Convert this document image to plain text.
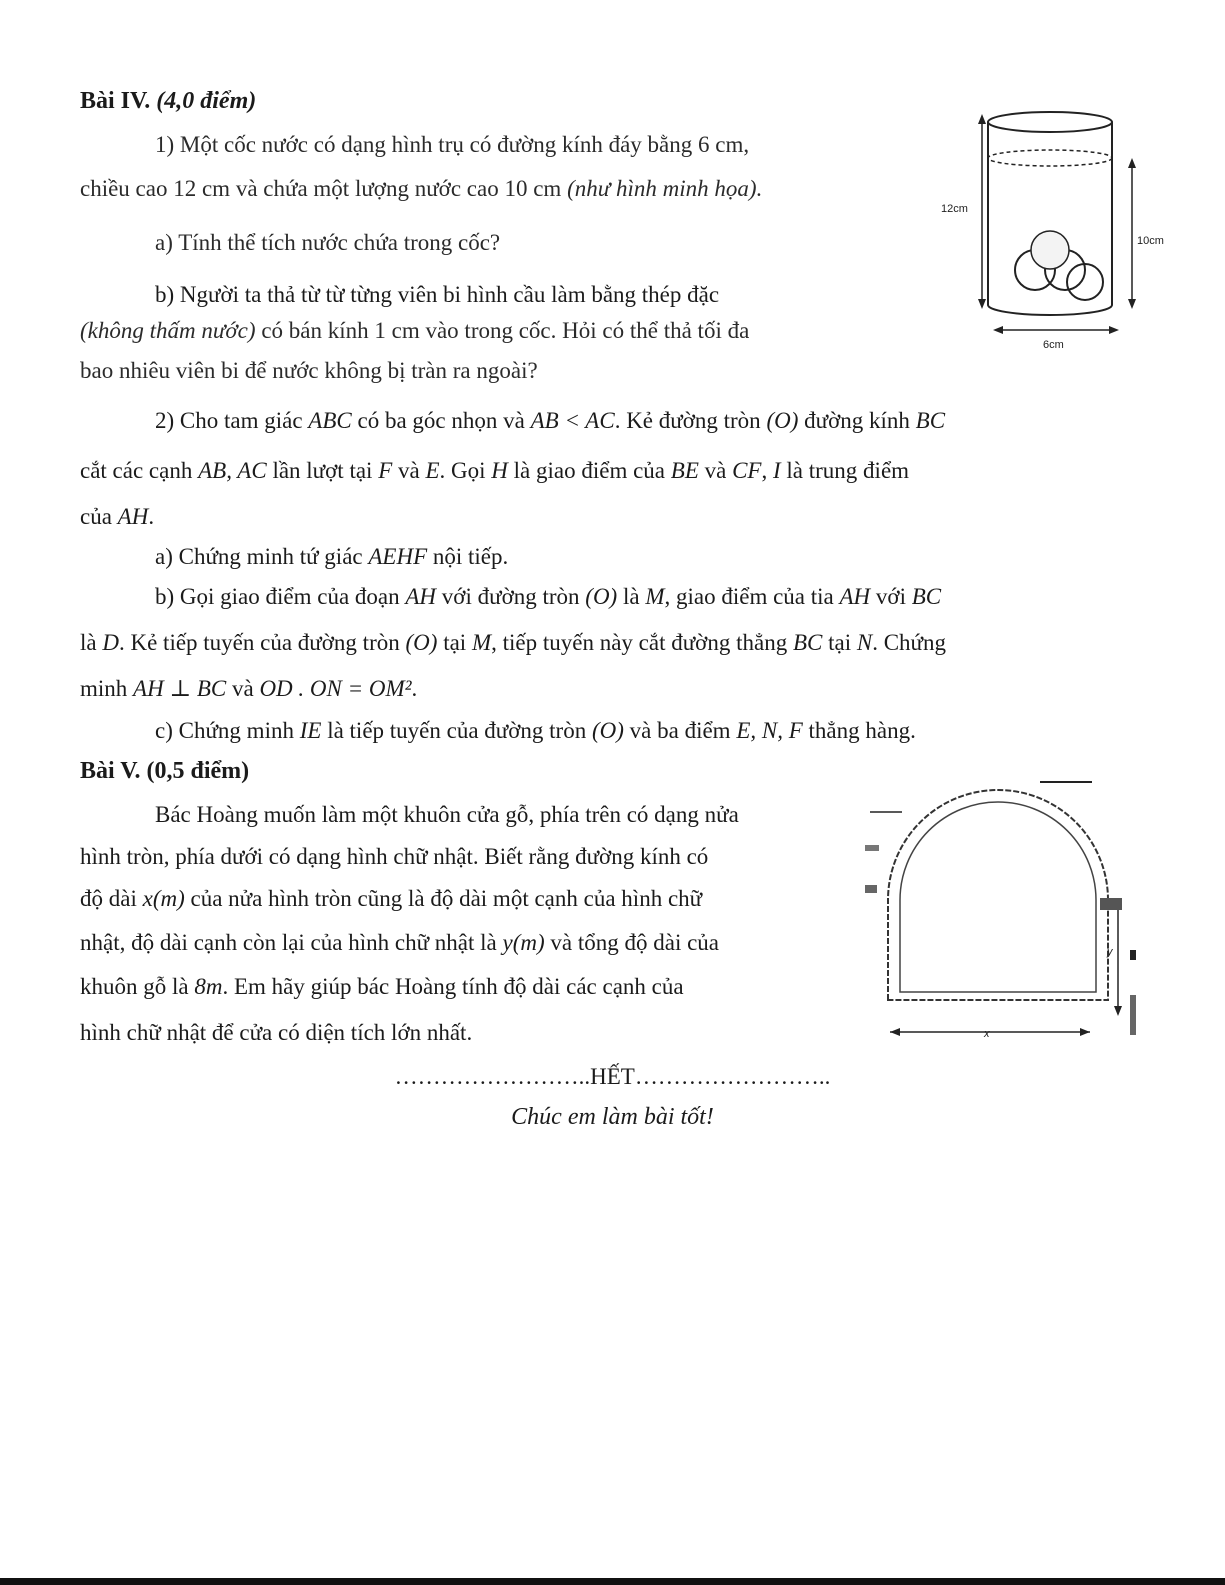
Bài IV. (4,0 điểm)
1) Một cốc nước có dạng hình trụ có đường kính đáy bằng 6 cm,
chiều cao 12 cm và chứa một lượng nước cao 10 cm (như hình minh họa).
a) Tính thể tích nước chứa trong cốc?
b) Người ta thả từ từ từng viên bi hình cầu làm bằng thép đặc
(không thấm nước) có bán kính 1 cm vào trong cốc. Hỏi có thể thả tối đa
bao nhiêu viên bi để nước không bị tràn ra ngoài?
12cm
10cm
6cm
2) Cho tam giác ABC có ba góc nhọn và AB < AC. Kẻ đường tròn (O) đường kính BC
cắt các cạnh AB, AC lần lượt tại F và E. Gọi H là giao điểm của BE và CF, I là trung điểm
của AH.
a) Chứng minh tứ giác AEHF nội tiếp.
b) Gọi giao điểm của đoạn AH với đường tròn (O) là M, giao điểm của tia AH với BC
là D. Kẻ tiếp tuyến của đường tròn (O) tại M, tiếp tuyến này cắt đường thẳng BC tại N. Chứng
minh AH ⊥ BC và OD . ON = OM².
c) Chứng minh IE là tiếp tuyến của đường tròn (O) và ba điểm E, N, F thẳng hàng.
Bài V. (0,5 điểm)
Bác Hoàng muốn làm một khuôn cửa gỗ, phía trên có dạng nửa
hình tròn, phía dưới có dạng hình chữ nhật. Biết rằng đường kính có
độ dài x(m) của nửa hình tròn cũng là độ dài một cạnh của hình chữ
nhật, độ dài cạnh còn lại của hình chữ nhật là y(m) và tổng độ dài của
khuôn gỗ là 8m. Em hãy giúp bác Hoàng tính độ dài các cạnh của
hình chữ nhật để cửa có diện tích lớn nhất.	x
y
……………………..HẾT……………………..
Chúc em làm bài tốt!
